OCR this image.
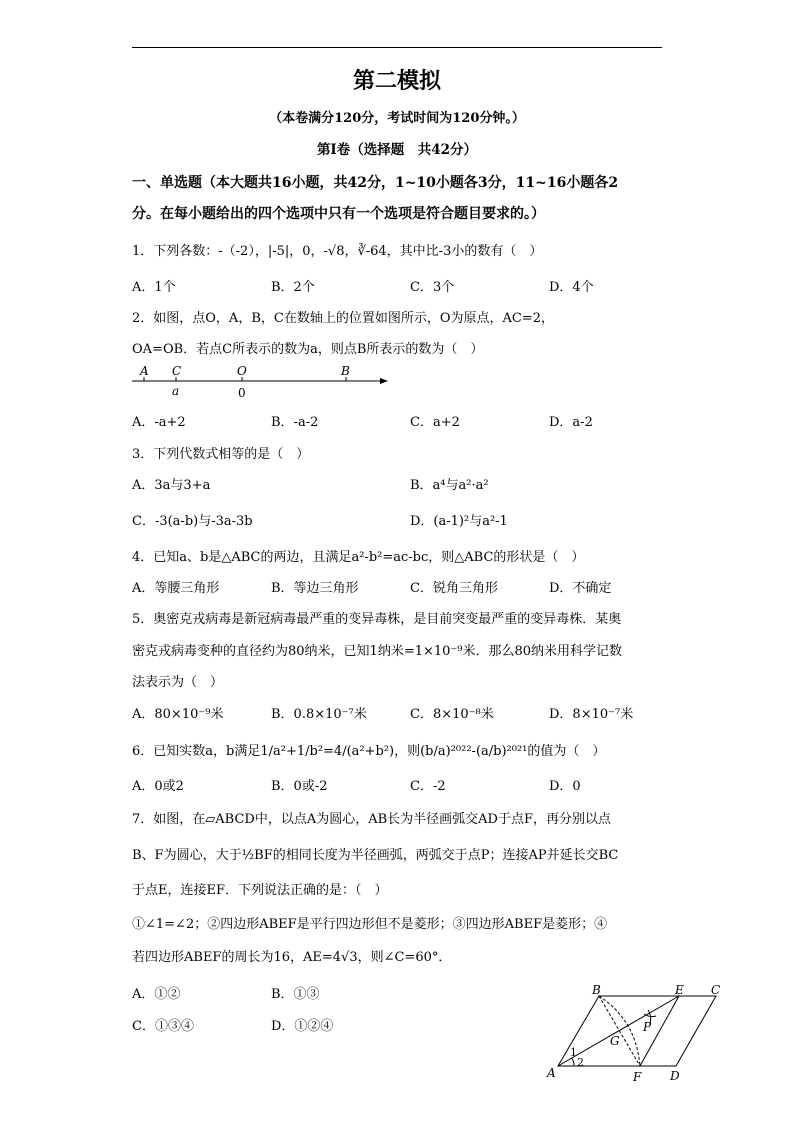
第二模拟
（本卷满分120分，考试时间为120分钟。）
第Ⅰ卷（选择题　共42分）
一、单选题（本大题共16小题，共42分，1~10小题各3分，11~16小题各2
分。在每小题给出的四个选项中只有一个选项是符合题目要求的。）
1．下列各数：-（-2），|-5|，0，-√8，∛-64，其中比-3小的数有（　）
A．1个	B．2个	C．3个	D．4个
2．如图，点O，A，B，C在数轴上的位置如图所示，O为原点，AC=2，
OA=OB．若点C所表示的数为a，则点B所表示的数为（　）
A C	O	B
a	0
A．-a+2	B．-a-2	C．a+2	D．a-2
3．下列代数式相等的是（　）
A．3a与3+a	B．a⁴与a²·a²
C．-3(a-b)与-3a-3b	D．(a-1)²与a²-1
4．已知a、b是△ABC的两边，且满足a²-b²=ac-bc，则△ABC的形状是（　）
A．等腰三角形	B．等边三角形	C．锐角三角形	D．不确定
5．奥密克戎病毒是新冠病毒最严重的变异毒株，是目前突变最严重的变异毒株．某奥
密克戎病毒变种的直径约为80纳米，已知1纳米=1×10⁻⁹米．那么80纳米用科学记数
法表示为（　）
A．80×10⁻⁹米	B．0.8×10⁻⁷米	C．8×10⁻⁸米	D．8×10⁻⁷米
6．已知实数a，b满足1/a²+1/b²=4/(a²+b²)，则(b/a)²⁰²²-(a/b)²⁰²¹的值为（　）
A．0或2	B．0或-2	C．-2	D．0
7．如图，在▱ABCD中，以点A为圆心，AB长为半径画弧交AD于点F，再分别以点
B、F为圆心，大于½BF的相同长度为半径画弧，两弧交于点P；连接AP并延长交BC
于点E，连接EF．下列说法正确的是：（　）
①∠1=∠2；②四边形ABEF是平行四边形但不是菱形；③四边形ABEF是菱形；④
若四边形ABEF的周长为16，AE=4√3，则∠C=60°．
A．①②	B．①③
C．①③④	D．①②④
B	E C
P
G
A	F D
1
2
